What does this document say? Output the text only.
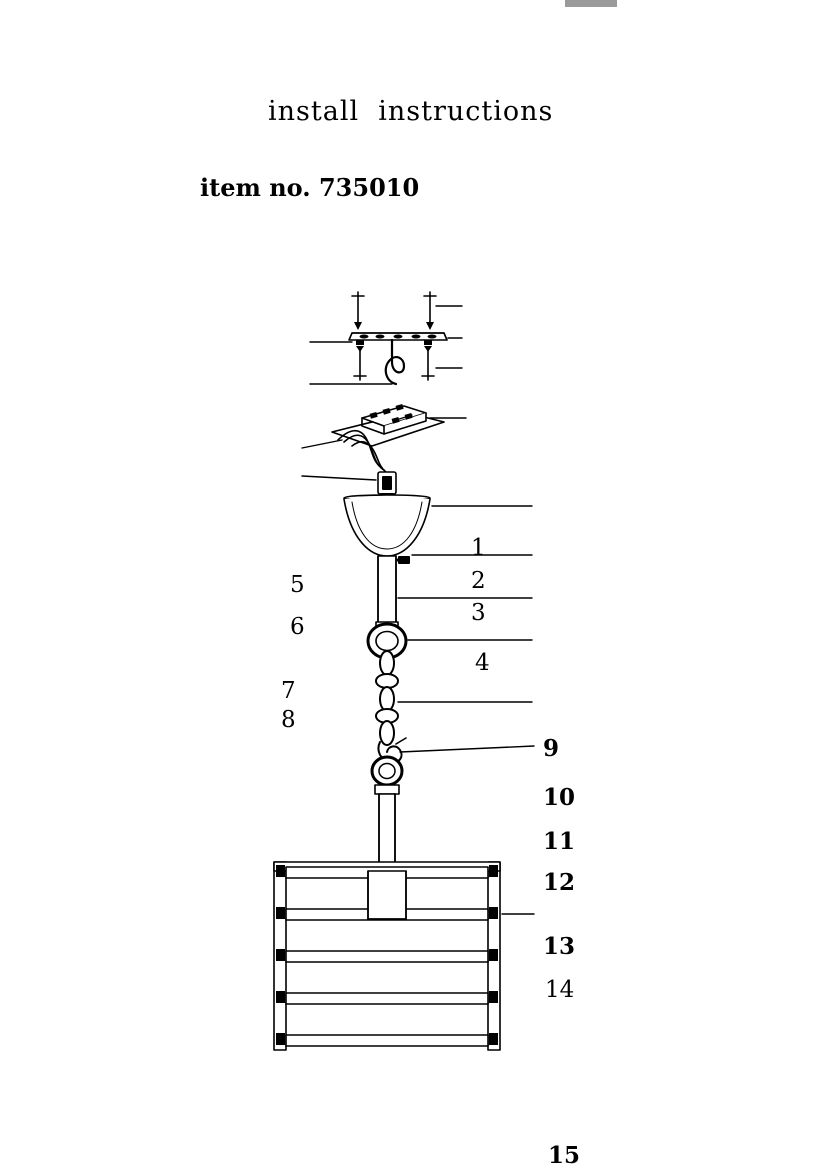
install  instructions
item no. 735010
1
2
3
4
5
6
7
8
9
10
11
12
13
14
15
